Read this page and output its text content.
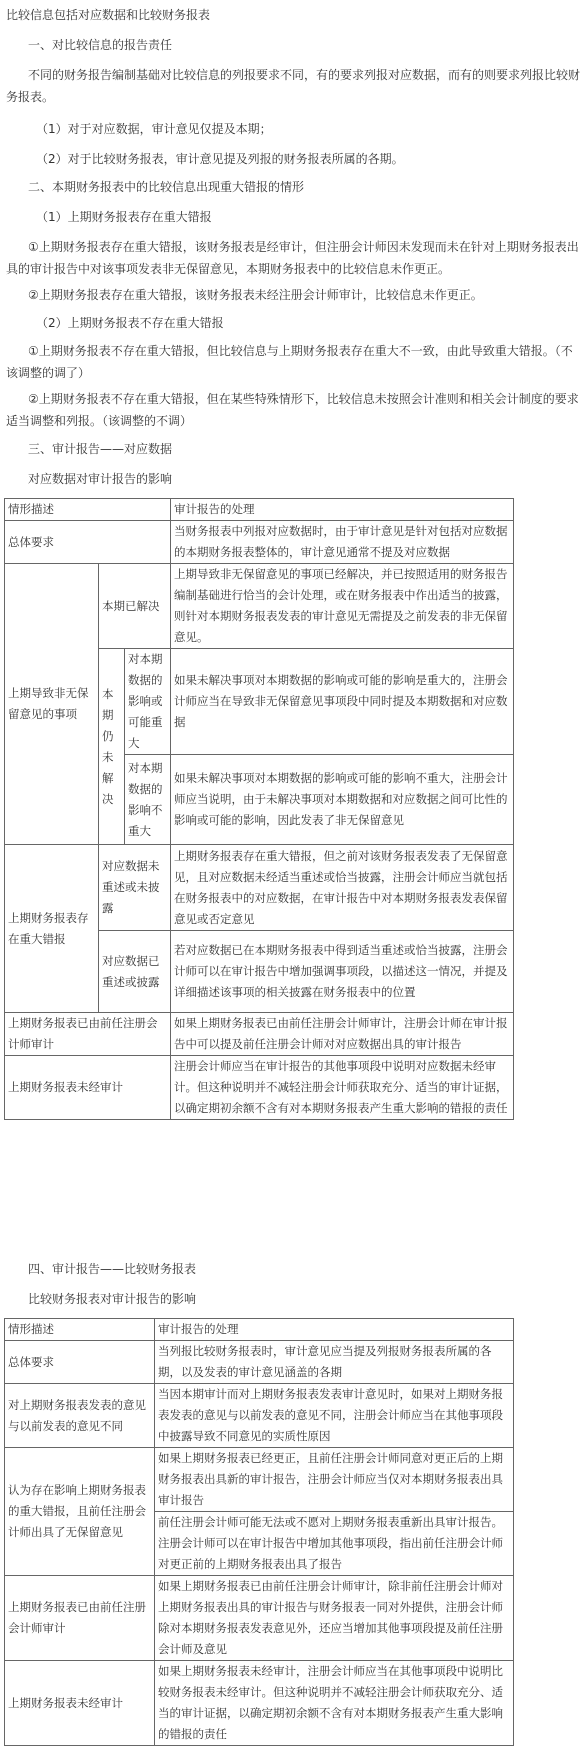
比较信息包括对应数据和比较财务报表
一、对比较信息的报告责任
不同的财务报告编制基础对比较信息的列报要求不同，有的要求列报对应数据，而有的则要求列报比较财务报表。
（1）对于对应数据，审计意见仅提及本期；
（2）对于比较财务报表，审计意见提及列报的财务报表所属的各期。
二、本期财务报表中的比较信息出现重大错报的情形
（1）上期财务报表存在重大错报
①上期财务报表存在重大错报，该财务报表是经审计，但注册会计师因未发现而未在针对上期财务报表出具的审计报告中对该事项发表非无保留意见，本期财务报表中的比较信息未作更正。
②上期财务报表存在重大错报，该财务报表未经注册会计师审计，比较信息未作更正。
（2）上期财务报表不存在重大错报
①上期财务报表不存在重大错报，但比较信息与上期财务报表存在重大不一致，由此导致重大错报。（不该调整的调了）
②上期财务报表不存在重大错报，但在某些特殊情形下，比较信息未按照会计准则和相关会计制度的要求适当调整和列报。（该调整的不调）
三、审计报告——对应数据
对应数据对审计报告的影响
情形描述			审计报告的处理
总体要求			当财务报表中列报对应数据时，由于审计意见是针对包括对应数据的本期财务报表整体的，审计意见通常不提及对应数据
上期导致非无保留意见的事项	本期已解决		上期导致非无保留意见的事项已经解决，并已按照适用的财务报告编制基础进行恰当的会计处理，或在财务报表中作出适当的披露，则针对本期财务报表发表的审计意见无需提及之前发表的非无保留意见。
	本期仍未解决	对本期数据的影响或可能重大	如果未解决事项对本期数据的影响或可能的影响是重大的，注册会计师应当在导致非无保留意见事项段中同时提及本期数据和对应数据
		对本期数据的影响不重大	如果未解决事项对本期数据的影响或可能的影响不重大，注册会计师应当说明，由于未解决事项对本期数据和对应数据之间可比性的影响或可能的影响，因此发表了非无保留意见
上期财务报表存在重大错报	对应数据未重述或未披露		上期财务报表存在重大错报，但之前对该财务报表发表了无保留意见，且对应数据未经适当重述或恰当披露，注册会计师应当就包括在财务报表中的对应数据，在审计报告中对本期财务报表发表保留意见或否定意见
	对应数据已重述或披露		若对应数据已在本期财务报表中得到适当重述或恰当披露，注册会计师可以在审计报告中增加强调事项段，以描述这一情况，并提及详细描述该事项的相关披露在财务报表中的位置
上期财务报表已由前任注册会计师审计			如果上期财务报表已由前任注册会计师审计，注册会计师在审计报告中可以提及前任注册会计师对对应数据出具的审计报告
上期财务报表未经审计			注册会计师应当在审计报告的其他事项段中说明对应数据未经审计。但这种说明并不减轻注册会计师获取充分、适当的审计证据，以确定期初余额不含有对本期财务报表产生重大影响的错报的责任
四、审计报告——比较财务报表
比较财务报表对审计报告的影响
情形描述	审计报告的处理
总体要求	当列报比较财务报表时，审计意见应当提及列报财务报表所属的各期，以及发表的审计意见涵盖的各期
对上期财务报表发表的意见与以前发表的意见不同	当因本期审计而对上期财务报表发表审计意见时，如果对上期财务报表发表的意见与以前发表的意见不同，注册会计师应当在其他事项段中披露导致不同意见的实质性原因
认为存在影响上期财务报表的重大错报，且前任注册会计师出具了无保留意见	如果上期财务报表已经更正，且前任注册会计师同意对更正后的上期财务报表出具新的审计报告，注册会计师应当仅对本期财务报表出具审计报告
	前任注册会计师可能无法或不愿对上期财务报表重新出具审计报告。注册会计师可以在审计报告中增加其他事项段，指出前任注册会计师对更正前的上期财务报表出具了报告
上期财务报表已由前任注册会计师审计	如果上期财务报表已由前任注册会计师审计，除非前任注册会计师对上期财务报表出具的审计报告与财务报表一同对外提供，注册会计师除对本期财务报表发表意见外，还应当增加其他事项段提及前任注册会计师及意见
上期财务报表未经审计	如果上期财务报表未经审计，注册会计师应当在其他事项段中说明比较财务报表未经审计。但这种说明并不减轻注册会计师获取充分、适当的审计证据，以确定期初余额不含有对本期财务报表产生重大影响的错报的责任
